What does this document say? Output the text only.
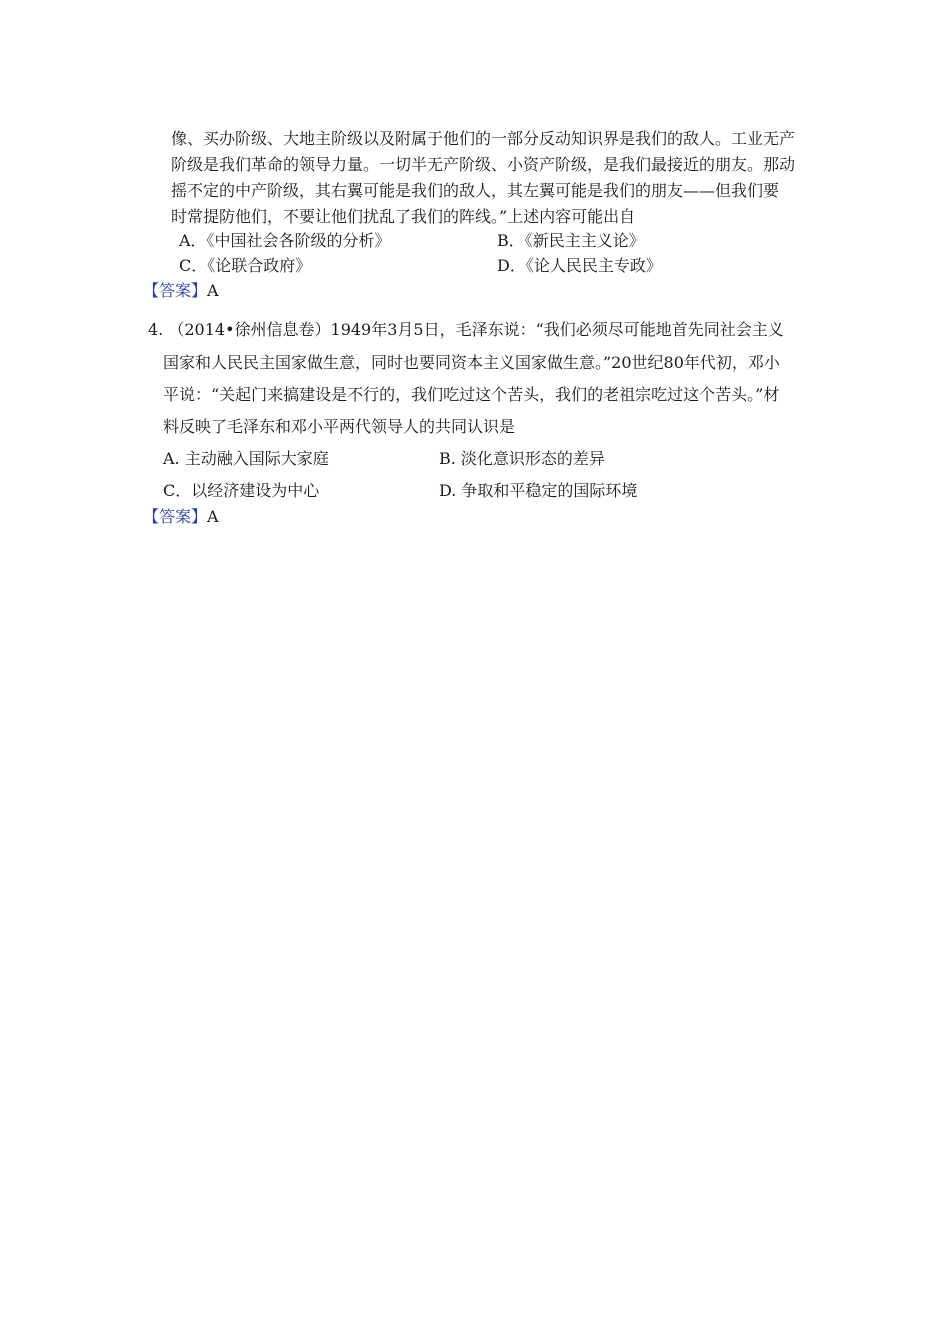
像、买办阶级、大地主阶级以及附属于他们的一部分反动知识界是我们的敌人。工业无产
阶级是我们革命的领导力量。一切半无产阶级、小资产阶级，是我们最接近的朋友。那动
摇不定的中产阶级，其右翼可能是我们的敌人，其左翼可能是我们的朋友——但我们要
时常提防他们，不要让他们扰乱了我们的阵线。”上述内容可能出自
A．《中国社会各阶级的分析》	B．《新民主主义论》
C．《论联合政府》	D．《论人民民主专政》
【答案】A
4. （2014•徐州信息卷）1949年3月5日，毛泽东说：“我们必须尽可能地首先同社会主义
国家和人民民主国家做生意，同时也要同资本主义国家做生意。”20世纪80年代初，邓小
平说：“关起门来搞建设是不行的，我们吃过这个苦头，我们的老祖宗吃过这个苦头。”材
料反映了毛泽东和邓小平两代领导人的共同认识是
A. 主动融入国际大家庭	B. 淡化意识形态的差异
C．以经济建设为中心	D. 争取和平稳定的国际环境
【答案】A
